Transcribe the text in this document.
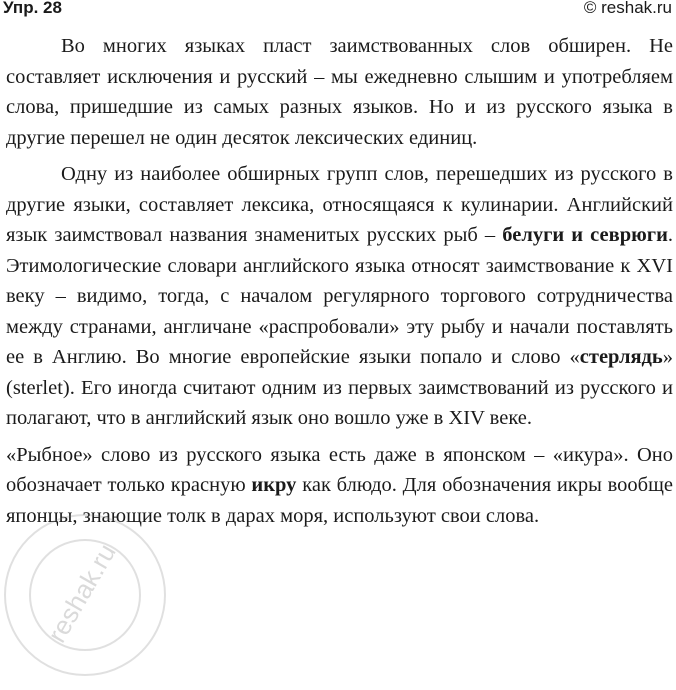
Упр. 28	© reshak.ru

Во многих языках пласт заимствованных слов обширен. Не составляет исключения и русский – мы ежедневно слышим и употребляем слова, пришедшие из самых разных языков. Но и из русского языка в другие перешел не один десяток лексических единиц.

Одну из наиболее обширных групп слов, перешедших из русского в другие языки, составляет лексика, относящаяся к кулинарии. Английский язык заимствовал названия знаменитых русских рыб – белуги и севрюги. Этимологические словари английского языка относят заимствование к XVI веку – видимо, тогда, с началом регулярного торгового сотрудничества между странами, англичане «распробовали» эту рыбу и начали поставлять ее в Англию. Во многие европейские языки попало и слово «стерлядь» (sterlet). Его иногда считают одним из первых заимствований из русского и полагают, что в английский язык оно вошло уже в XIV веке.

«Рыбное» слово из русского языка есть даже в японском – «икура». Оно обозначает только красную икру как блюдо. Для обозначения икры вообще японцы, знающие толк в дарах моря, используют свои слова.

reshak.ru
